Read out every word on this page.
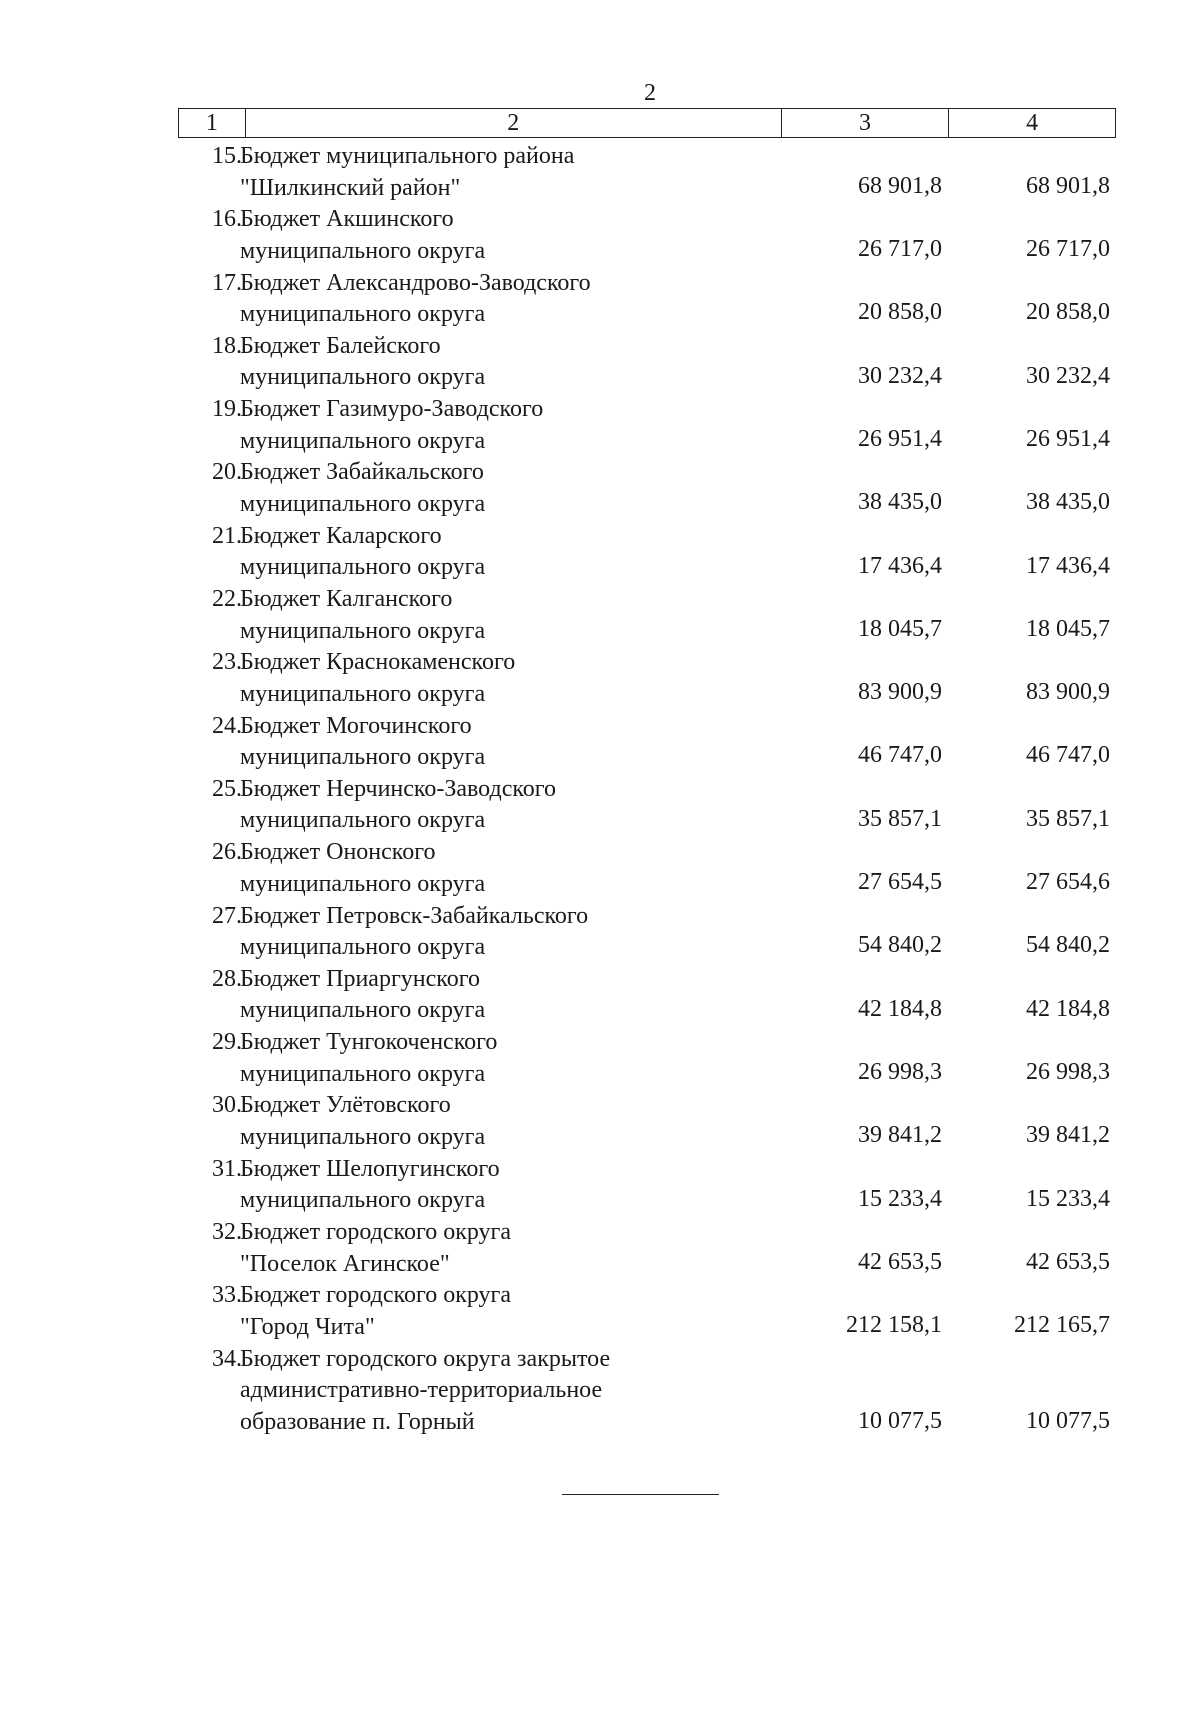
2
1	2	3	4
15.
Бюджет муниципального района
"Шилкинский район"	68 901,8	68 901,8
16.
Бюджет Акшинского
муниципального округа	26 717,0	26 717,0
17.
Бюджет Александрово-Заводского
муниципального округа	20 858,0	20 858,0
18.
Бюджет Балейского
муниципального округа	30 232,4	30 232,4
19.
Бюджет Газимуро-Заводского
муниципального округа	26 951,4	26 951,4
20.
Бюджет Забайкальского
муниципального округа	38 435,0	38 435,0
21.
Бюджет Каларского
муниципального округа	17 436,4	17 436,4
22.
Бюджет Калганского
муниципального округа	18 045,7	18 045,7
23.
Бюджет Краснокаменского
муниципального округа	83 900,9	83 900,9
24.
Бюджет Могочинского
муниципального округа	46 747,0	46 747,0
25.
Бюджет Нерчинско-Заводского
муниципального округа	35 857,1	35 857,1
26.
Бюджет Ононского
муниципального округа	27 654,5	27 654,6
27.
Бюджет Петровск-Забайкальского
муниципального округа	54 840,2	54 840,2
28.
Бюджет Приаргунского
муниципального округа	42 184,8	42 184,8
29.
Бюджет Тунгокоченского
муниципального округа	26 998,3	26 998,3
30.
Бюджет Улётовского
муниципального округа	39 841,2	39 841,2
31.
Бюджет Шелопугинского
муниципального округа	15 233,4	15 233,4
32.
Бюджет городского округа
"Поселок Агинское"	42 653,5	42 653,5
33.
Бюджет городского округа
"Город Чита"	212 158,1	212 165,7
34.
Бюджет городского округа закрытое
административно-территориальное
образование п. Горный	10 077,5	10 077,5
